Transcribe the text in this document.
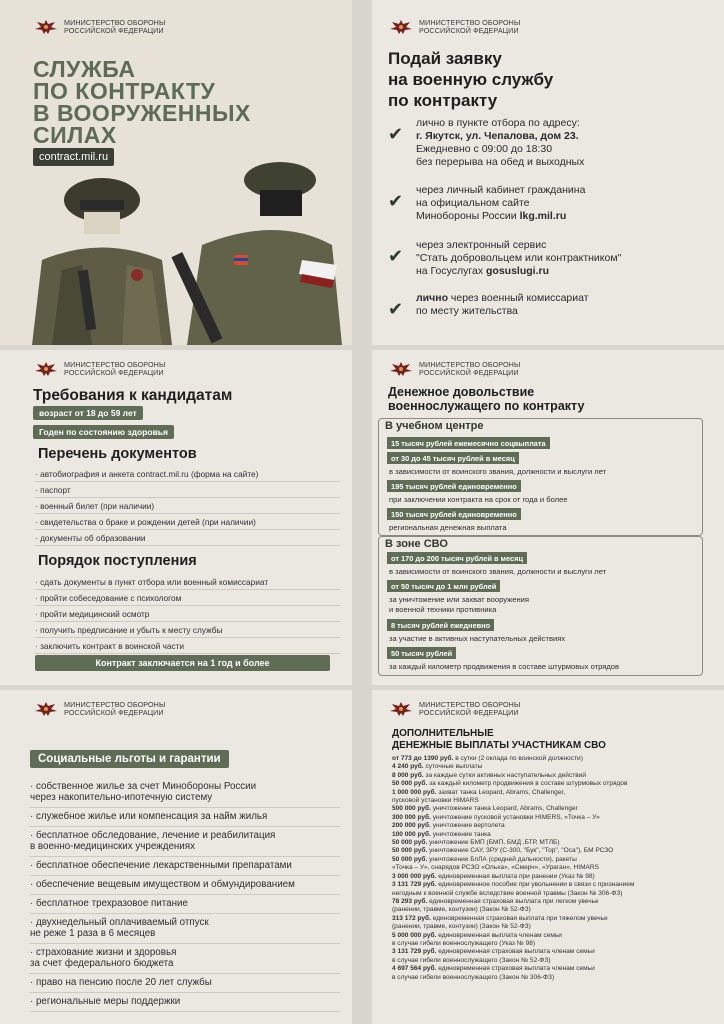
МИНИСТЕРСТВО ОБОРОНЫ
РОССИЙСКОЙ ФЕДЕРАЦИИ
СЛУЖБА
ПО КОНТРАКТУ
В ВООРУЖЕННЫХ
СИЛАХ
contract.mil.ru
МИНИСТЕРСТВО ОБОРОНЫ
РОССИЙСКОЙ ФЕДЕРАЦИИ
Подай заявку
на военную службу
по контракту
✔
лично в пункте отбора по адресу:
г. Якутск, ул. Чепалова, дом 23.
Ежедневно с 09:00 до 18:30
без перерыва на обед и выходных
✔
через личный кабинет гражданина
на официальном сайте
Минобороны России lkg.mil.ru
✔
через электронный сервис
"Стать добровольцем или контрактником"
на Госуслугах gosuslugi.ru
✔
лично через военный комиссариат
по месту жительства
МИНИСТЕРСТВО ОБОРОНЫ
РОССИЙСКОЙ ФЕДЕРАЦИИ
Требования к кандидатам
возраст от 18 до 59 лет
Годен по состоянию здоровья
Перечень документов
· автобиография и анкета contract.mil.ru (форма на сайте)
· паспорт
· военный билет (при наличии)
· свидетельства о браке и рождении детей (при наличии)
· документы об образовании
Порядок поступления
· сдать документы в пункт отбора или военный комиссариат
· пройти собеседование с психологом
· пройти медицинский осмотр
· получить предписание и убыть к месту службы
· заключить контракт в воинской части
Контракт заключается на 1 год и более
МИНИСТЕРСТВО ОБОРОНЫ
РОССИЙСКОЙ ФЕДЕРАЦИИ
Денежное довольствие
военнослужащего по контракту
В учебном центре
15 тысяч рублей ежемесячно соцвыплата
от 30 до 45 тысяч рублей в месяц
в зависимости от воинского звания, должности и выслуги лет
195 тысяч рублей единовременно
при заключении контракта на срок от года и более
150 тысяч рублей единовременно
региональная денежная выплата
В зоне СВО
от 170 до 200 тысяч рублей в месяц
в зависимости от воинского звания, должности и выслуги лет
от 50 тысяч до 1 млн рублей
за уничтожение или захват вооружения
и военной техники противника
8 тысяч рублей ежедневно
за участие в активных наступательных действиях
50 тысяч рублей
за каждый километр продвижения в составе штурмовых отрядов
МИНИСТЕРСТВО ОБОРОНЫ
РОССИЙСКОЙ ФЕДЕРАЦИИ
Социальные льготы и гарантии
· собственное жилье за счет Минобороны России
через накопительно-ипотечную систему
· служебное жилье или компенсация за найм жилья
· бесплатное обследование, лечение и реабилитация
в военно-медицинских учреждениях
· бесплатное обеспечение лекарственными препаратами
· обеспечение вещевым имуществом и обмундированием
· бесплатное трехразовое питание
· двухнедельный оплачиваемый отпуск
не реже 1 раза в 6 месяцев
· страхование жизни и здоровья
за счет федерального бюджета
· право на пенсию после 20 лет службы
· региональные меры поддержки
МИНИСТЕРСТВО ОБОРОНЫ
РОССИЙСКОЙ ФЕДЕРАЦИИ
ДОПОЛНИТЕЛЬНЫЕ
ДЕНЕЖНЫЕ ВЫПЛАТЫ УЧАСТНИКАМ СВО
от 773 до 1390 руб. в сутки (2 оклада по воинской должности)
4 240 руб. суточные выплаты
8 000 руб. за каждые сутки активных наступательных действий
50 000 руб. за каждый километр продвижения в составе штурмовых отрядов
1 000 000 руб. захват танка Leopard, Abrams, Challenger,
пусковой установки HIMARS
500 000 руб. уничтожение танка Leopard, Abrams, Challenger
300 000 руб. уничтожение пусковой установки HIMERS, «Точка – У»
200 000 руб. уничтожение вертолета
100 000 руб. уничтожение танка
50 000 руб. уничтожение БМП (БМП, БМД ,БТР, МТЛБ)
50 000 руб. уничтожение САУ, ЗРУ (С-300, "Бук", "Тор", "Оса"), БМ РСЗО
50 000 руб. уничтожение БпЛА (средней дальности), ракеты
«Точка – У», снарядов РСЗО «Ольха», «Смерч», «Ураган», HIMARS
3 000 000 руб. единовременная выплата при ранении (Указ № 98)
3 131 729 руб. единовременное пособие при увольнении в связи с признанием
негодным к военной службе вследствие военной травмы (Закон № 306-ФЗ)
78 293 руб. единовременная страховая выплата при легком увечье
(ранении, травме, контузии) (Закон № 52-ФЗ)
313 172 руб. единовременная страховая выплата при тяжелом увечье
(ранении, травме, контузии) (Закон № 52-ФЗ)
5 000 000 руб. единовременная выплата членам семьи
в случае гибели военнослужащего (Указ № 98)
3 131 729 руб. единовременная страховая выплата членам семьи
в случае гибели военнослужащего (Закон № 52-ФЗ)
4 697 564 руб. единовременная страховая выплата членам семьи
в случае гибели военнослужащего (Закон № 306-ФЗ)
